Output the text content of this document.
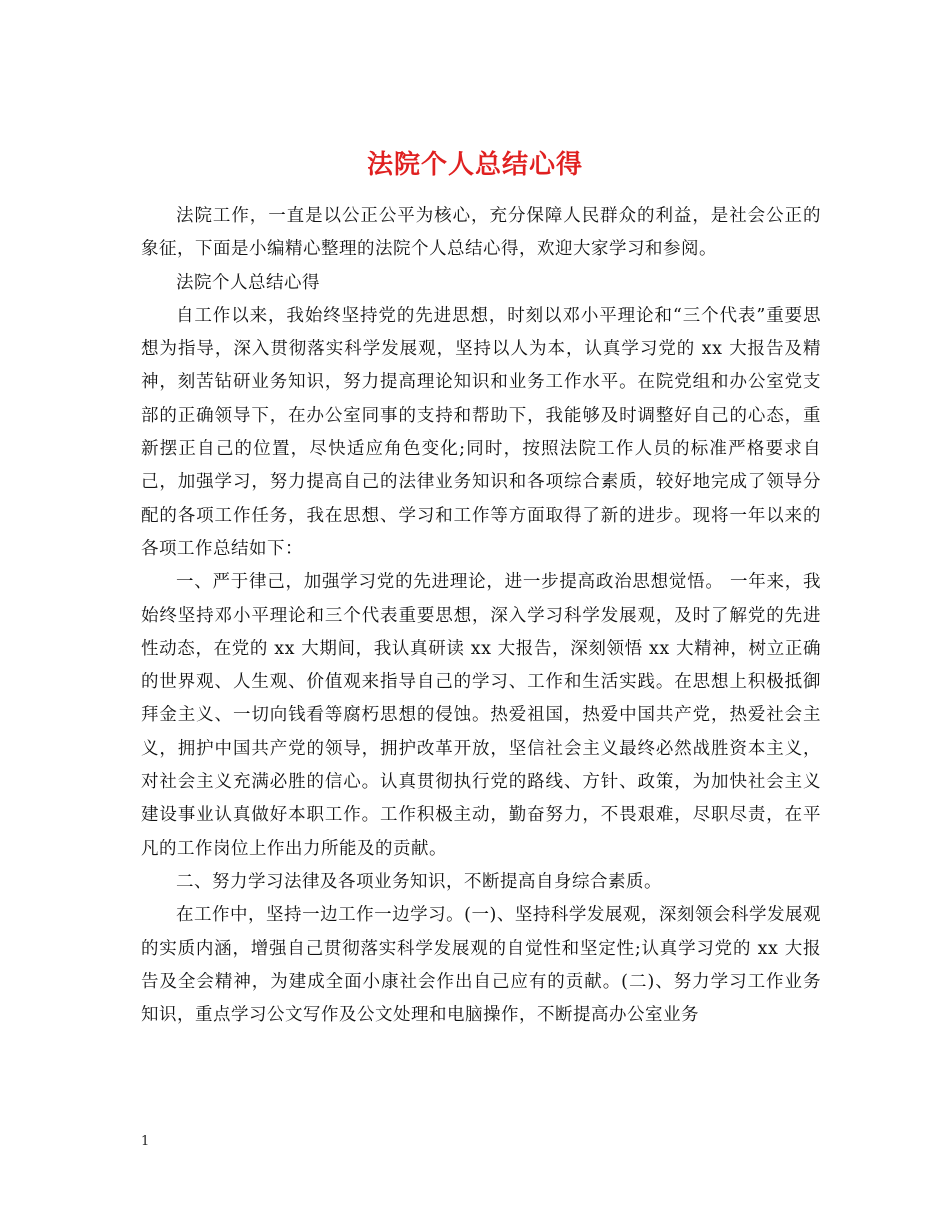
法院个人总结心得

法院工作，一直是以公正公平为核心，充分保障人民群众的利益，是社会公正的象征，下面是小编精心整理的法院个人总结心得，欢迎大家学习和参阅。

法院个人总结心得

自工作以来，我始终坚持党的先进思想，时刻以邓小平理论和“三个代表”重要思想为指导，深入贯彻落实科学发展观，坚持以人为本，认真学习党的 xx 大报告及精神，刻苦钻研业务知识，努力提高理论知识和业务工作水平。在院党组和办公室党支部的正确领导下，在办公室同事的支持和帮助下，我能够及时调整好自己的心态，重新摆正自己的位置，尽快适应角色变化;同时，按照法院工作人员的标准严格要求自己，加强学习，努力提高自己的法律业务知识和各项综合素质，较好地完成了领导分配的各项工作任务，我在思想、学习和工作等方面取得了新的进步。现将一年以来的各项工作总结如下：

一、严于律己，加强学习党的先进理论，进一步提高政治思想觉悟。 一年来，我始终坚持邓小平理论和三个代表重要思想，深入学习科学发展观，及时了解党的先进性动态，在党的 xx 大期间，我认真研读 xx 大报告，深刻领悟 xx 大精神，树立正确的世界观、人生观、价值观来指导自己的学习、工作和生活实践。在思想上积极抵御拜金主义、一切向钱看等腐朽思想的侵蚀。热爱祖国，热爱中国共产党，热爱社会主义，拥护中国共产党的领导，拥护改革开放，坚信社会主义最终必然战胜资本主义，对社会主义充满必胜的信心。认真贯彻执行党的路线、方针、政策，为加快社会主义建设事业认真做好本职工作。工作积极主动，勤奋努力，不畏艰难，尽职尽责，在平凡的工作岗位上作出力所能及的贡献。

二、努力学习法律及各项业务知识，不断提高自身综合素质。

在工作中，坚持一边工作一边学习。(一)、坚持科学发展观，深刻领会科学发展观的实质内涵，增强自己贯彻落实科学发展观的自觉性和坚定性;认真学习党的 xx 大报告及全会精神，为建成全面小康社会作出自己应有的贡献。(二)、努力学习工作业务知识，重点学习公文写作及公文处理和电脑操作，不断提高办公室业务

1
